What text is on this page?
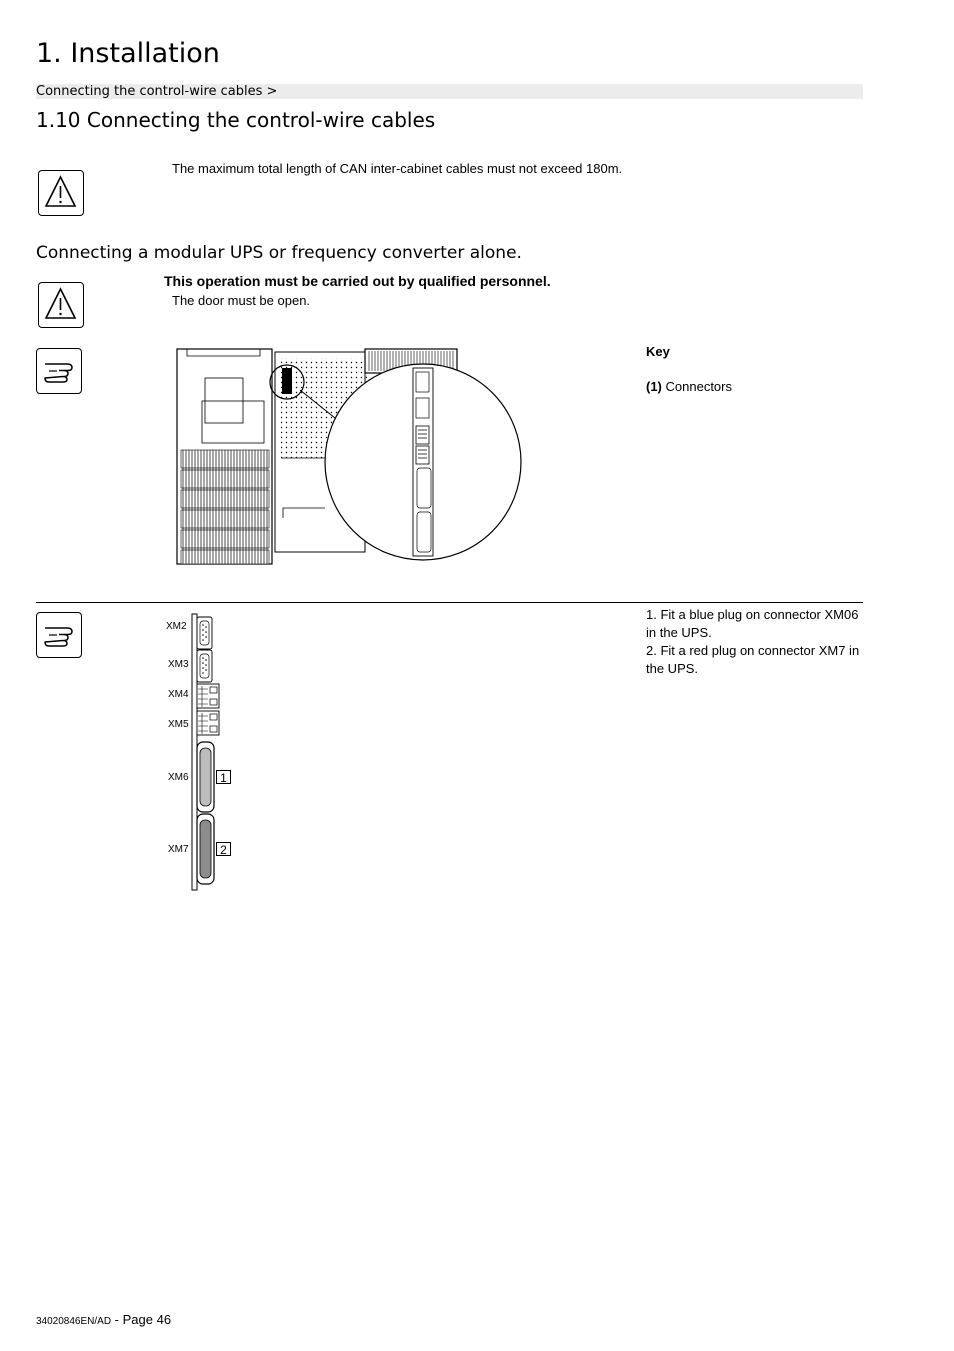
1. Installation
Connecting the control-wire cables >
1.10 Connecting the control-wire cables
The maximum total length of CAN inter-cabinet cables must not exceed 180m.
Connecting a modular UPS or frequency converter alone.
This operation must be carried out by qualified personnel.
The door must be open.
Key
(1) Connectors
XM2
XM3
XM4
XM5
XM6
XM7
1
2
1. Fit a blue plug on connector XM06 in the UPS.
2. Fit a red plug on connector XM7 in the UPS.
34020846EN/AD - Page 46
